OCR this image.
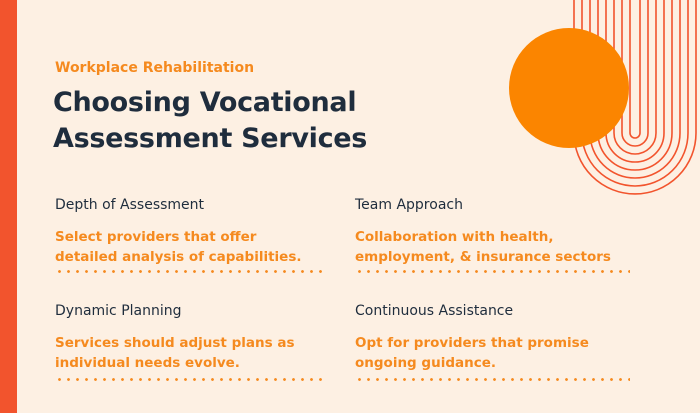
Workplace Rehabilitation
Choosing Vocational
Assessment Services
Depth of Assessment
Select providers that offer
detailed analysis of capabilities.
Team Approach
Collaboration with health,
employment, & insurance sectors
Dynamic Planning
Services should adjust plans as
individual needs evolve.
Continuous Assistance
Opt for providers that promise
ongoing guidance.
